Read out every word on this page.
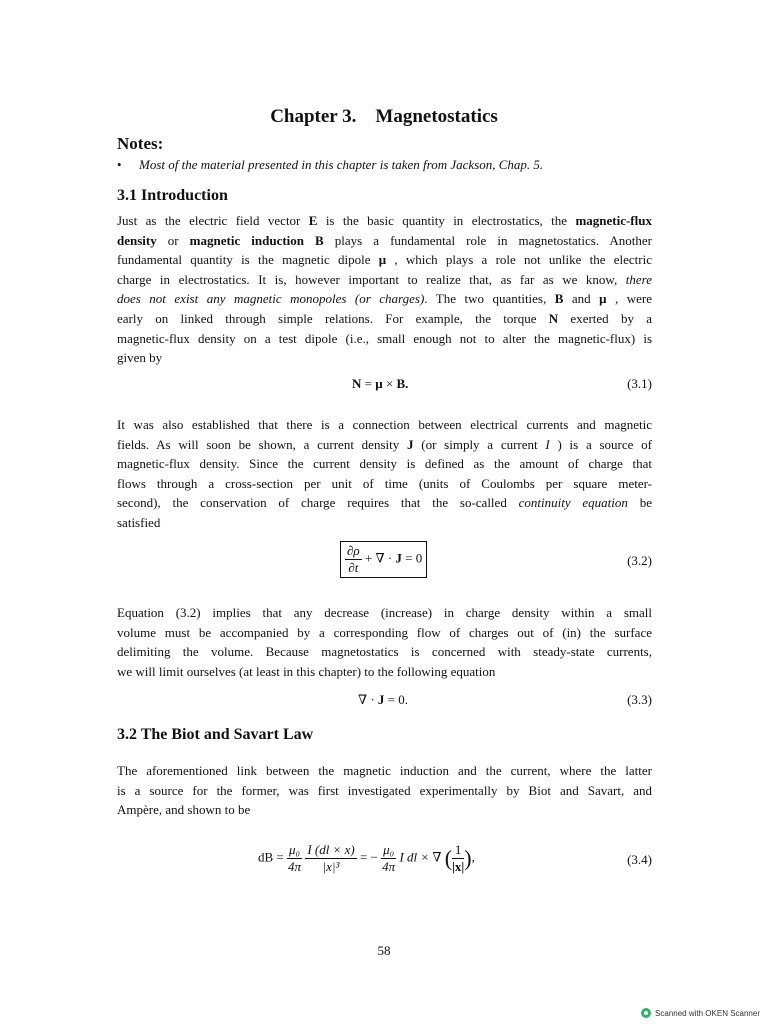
Chapter 3.    Magnetostatics
Notes:
• Most of the material presented in this chapter is taken from Jackson, Chap. 5.
3.1 Introduction
Just as the electric field vector E is the basic quantity in electrostatics, the magnetic-flux
density or magnetic induction B plays a fundamental role in magnetostatics. Another
fundamental quantity is the magnetic dipole μ , which plays a role not unlike the electric
charge in electrostatics. It is, however important to realize that, as far as we know, there
does not exist any magnetic monopoles (or charges). The two quantities, B and μ , were
early on linked through simple relations. For example, the torque N exerted by a
magnetic-flux density on a test dipole (i.e., small enough not to alter the magnetic-flux) is
given by
N = μ × B.	(3.1)
It was also established that there is a connection between electrical currents and magnetic
fields. As will soon be shown, a current density J (or simply a current I ) is a source of
magnetic-flux density. Since the current density is defined as the amount of charge that
flows through a cross-section per unit of time (units of Coulombs per square meter-
second), the conservation of charge requires that the so-called continuity equation be
satisfied
$\frac{\partial\rho}{\partial t}$ + ∇ · J = 0	(3.2)
Equation (3.2) implies that any decrease (increase) in charge density within a small
volume must be accompanied by a corresponding flow of charges out of (in) the surface
delimiting the volume. Because magnetostatics is concerned with steady-state currents,
we will limit ourselves (at least in this chapter) to the following equation
∇ · J = 0.	(3.3)
3.2 The Biot and Savart Law
The aforementioned link between the magnetic induction and the current, where the latter
is a source for the former, was first investigated experimentally by Biot and Savart, and
Ampère, and shown to be
dB = $\frac{\text{μ₀}}{4\pi}$
$\frac{I (dl \times x)}{\text{|x|³}}$ = − $\frac{\text{μ₀}}{4\pi}$ I dl × ∇ ( $\frac{1}{|x|}$ ),	(3.4)
58
Scanned with OKEN Scanner
